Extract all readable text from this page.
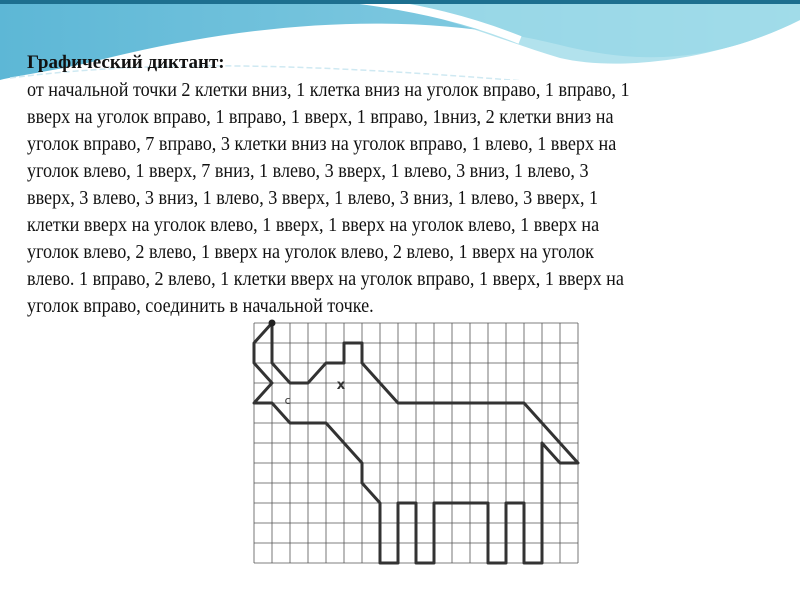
Графический диктант:
от начальной точки 2 клетки вниз, 1 клетка вниз на уголок вправо, 1 вправо, 1
вверх на уголок вправо, 1 вправо, 1 вверх, 1 вправо, 1вниз, 2 клетки вниз на
уголок вправо, 7 вправо, 3 клетки вниз на уголок вправо, 1 влево, 1 вверх на
уголок влево, 1 вверх, 7 вниз, 1 влево, 3 вверх, 1 влево, 3 вниз, 1 влево, 3
вверх, 3 влево, 3 вниз, 1 влево, 3 вверх, 1 влево, 3 вниз, 1 влево, 3 вверх, 1
клетки вверх на уголок влево, 1 вверх, 1 вверх на уголок влево, 1 вверх на
уголок влево, 2 влево, 1 вверх на уголок влево, 2 влево, 1 вверх на уголок
влево. 1 вправо, 2 влево, 1 клетки вверх на уголок вправо, 1 вверх, 1 вверх на
уголок вправо, соединить в начальной точке.
x
c
